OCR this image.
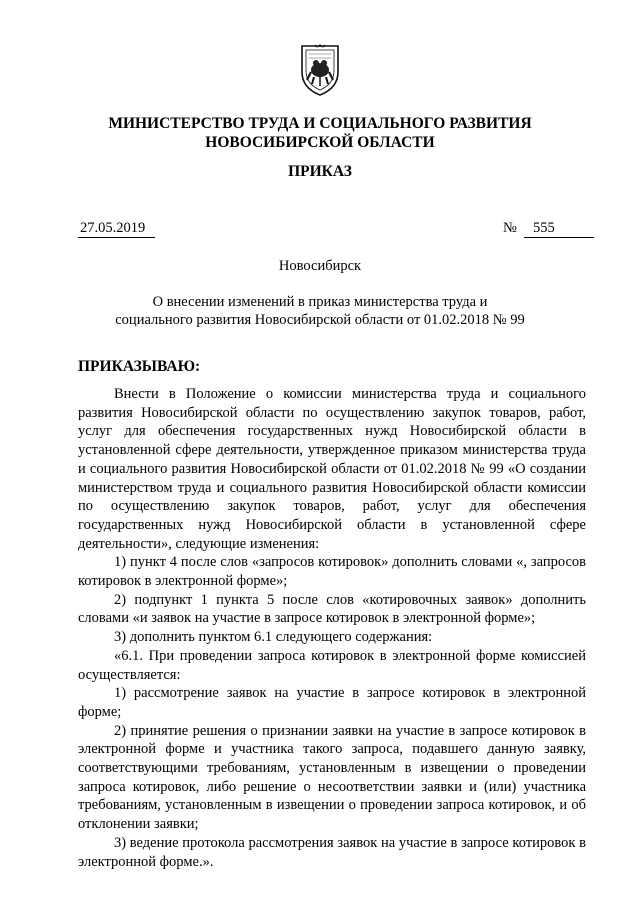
МИНИСТЕРСТВО ТРУДА И СОЦИАЛЬНОГО РАЗВИТИЯ
НОВОСИБИРСКОЙ ОБЛАСТИ
ПРИКАЗ
27.05.2019	№	555
Новосибирск
О внесении изменений в приказ министерства труда и
социального развития Новосибирской области от 01.02.2018 № 99
ПРИКАЗЫВАЮ:

Внести в Положение о комиссии министерства труда и социального развития Новосибирской области по осуществлению закупок товаров, работ, услуг для обеспечения государственных нужд Новосибирской области в установленной сфере деятельности, утвержденное приказом министерства труда и социального развития Новосибирской области от 01.02.2018 № 99 «О создании министерством труда и социального развития Новосибирской области комиссии по осуществлению закупок товаров, работ, услуг для обеспечения государственных нужд Новосибирской области в установленной сфере деятельности», следующие изменения:

1) пункт 4 после слов «запросов котировок» дополнить словами «, запросов котировок в электронной форме»;

2) подпункт 1 пункта 5 после слов «котировочных заявок» дополнить словами «и заявок на участие в запросе котировок в электронной форме»;

3) дополнить пунктом 6.1 следующего содержания:

«6.1. При проведении запроса котировок в электронной форме комиссией осуществляется:

1) рассмотрение заявок на участие в запросе котировок в электронной форме;

2) принятие решения о признании заявки на участие в запросе котировок в электронной форме и участника такого запроса, подавшего данную заявку, соответствующими требованиям, установленным в извещении о проведении запроса котировок, либо решение о несоответствии заявки и (или) участника требованиям, установленным в извещении о проведении запроса котировок, и об отклонении заявки;

3) ведение протокола рассмотрения заявок на участие в запросе котировок в электронной форме.».
